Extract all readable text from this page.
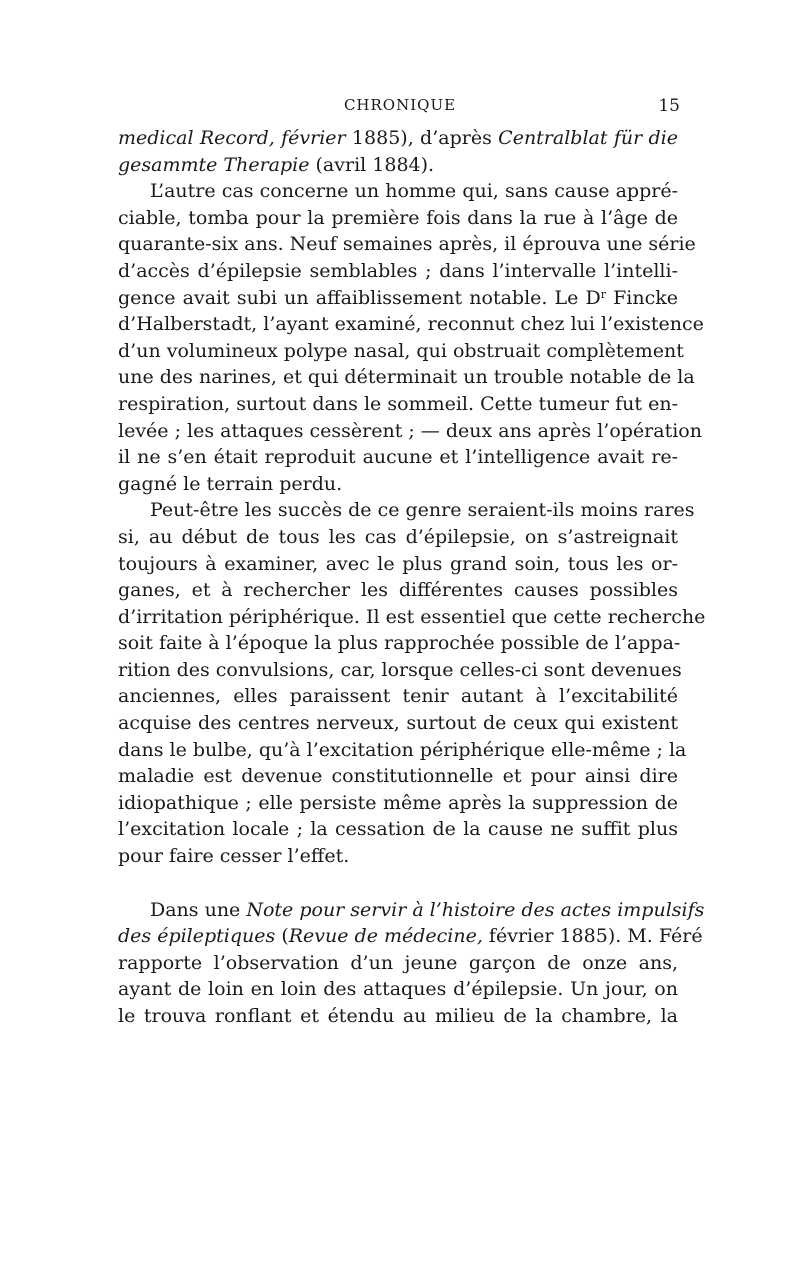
CHRONIQUE	15
medical Record, février 1885), d’après Centralblat für die
gesammte Therapie (avril 1884).
L’autre cas concerne un homme qui, sans cause appré-
ciable, tomba pour la première fois dans la rue à l’âge de
quarante-six ans. Neuf semaines après, il éprouva une série
d’accès d’épilepsie semblables ; dans l’intervalle l’intelli-
gence avait subi un affaiblissement notable. Le $D^r$ Fincke
d’Halberstadt, l’ayant examiné, reconnut chez lui l’existence
d’un volumineux polype nasal, qui obstruait complètement
une des narines, et qui déterminait un trouble notable de la
respiration, surtout dans le sommeil. Cette tumeur fut en-
levée ; les attaques cessèrent ; — deux ans après l’opération
il ne s’en était reproduit aucune et l’intelligence avait re-
gagné le terrain perdu.
Peut-être les succès de ce genre seraient-ils moins rares
si, au début de tous les cas d’épilepsie, on s’astreignait
toujours à examiner, avec le plus grand soin, tous les or-
ganes, et à rechercher les différentes causes possibles
d’irritation périphérique. Il est essentiel que cette recherche
soit faite à l’époque la plus rapprochée possible de l’appa-
rition des convulsions, car, lorsque celles-ci sont devenues
anciennes, elles paraissent tenir autant à l’excitabilité
acquise des centres nerveux, surtout de ceux qui existent
dans le bulbe, qu’à l’excitation périphérique elle-même ; la
maladie est devenue constitutionnelle et pour ainsi dire
idiopathique ; elle persiste même après la suppression de
l’excitation locale ; la cessation de la cause ne suffit plus
pour faire cesser l’effet.
Dans une Note pour servir à l’histoire des actes impulsifs
des épileptiques (Revue de médecine, février 1885). M. Féré
rapporte l’observation d’un jeune garçon de onze ans,
ayant de loin en loin des attaques d’épilepsie. Un jour, on
le trouva ronflant et étendu au milieu de la chambre, la
